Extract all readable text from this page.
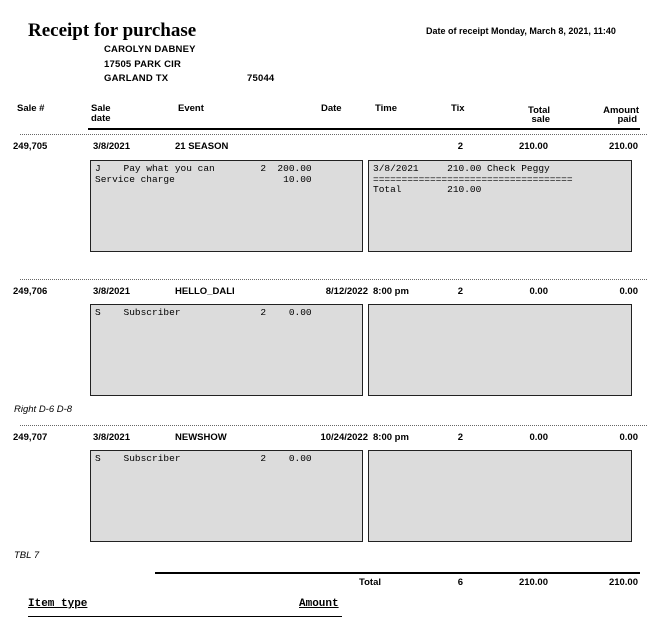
Receipt for purchase	Date of receipt Monday, March 8, 2021, 11:40
CAROLYN DABNEY
17505 PARK CIR
GARLAND TX	75044
Sale #	Sale
date
Event	Date	Time	Tix	Total
sale
Amount
paid
249,705	3/8/2021	21 SEASON	2	210.00	210.00
J    Pay what you can        2  200.00
Service charge                   10.00
3/8/2021     210.00 Check Peggy
===================================
Total        210.00
249,706	3/8/2021	HELLO_DALI	8/12/2022 8:00 pm	2	0.00	0.00
S    Subscriber              2    0.00
Right D-6 D-8
249,707	3/8/2021	NEWSHOW	10/24/2022 8:00 pm	2	0.00	0.00
S    Subscriber              2    0.00
TBL 7
Total	6	210.00	210.00
Item type	Amount
